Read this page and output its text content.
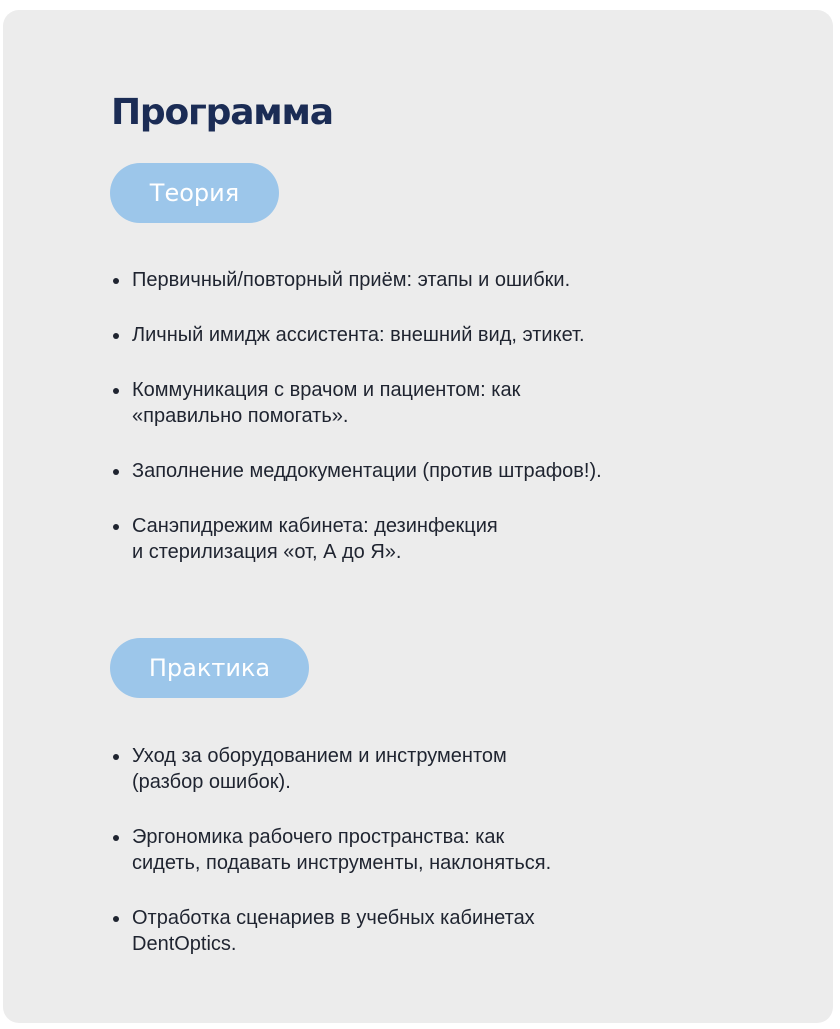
Программа
Теория
Первичный/повторный приём: этапы и ошибки.
Личный имидж ассистента: внешний вид, этикет.
Коммуникация с врачом и пациентом: как
«правильно помогать».
Заполнение меддокументации (против штрафов!).
Санэпидрежим кабинета: дезинфекция
и стерилизация «от, А до Я».
Практика
Уход за оборудованием и инструментом
(разбор ошибок).
Эргономика рабочего пространства: как
сидеть, подавать инструменты, наклоняться.
Отработка сценариев в учебных кабинетах
DentOptics.
